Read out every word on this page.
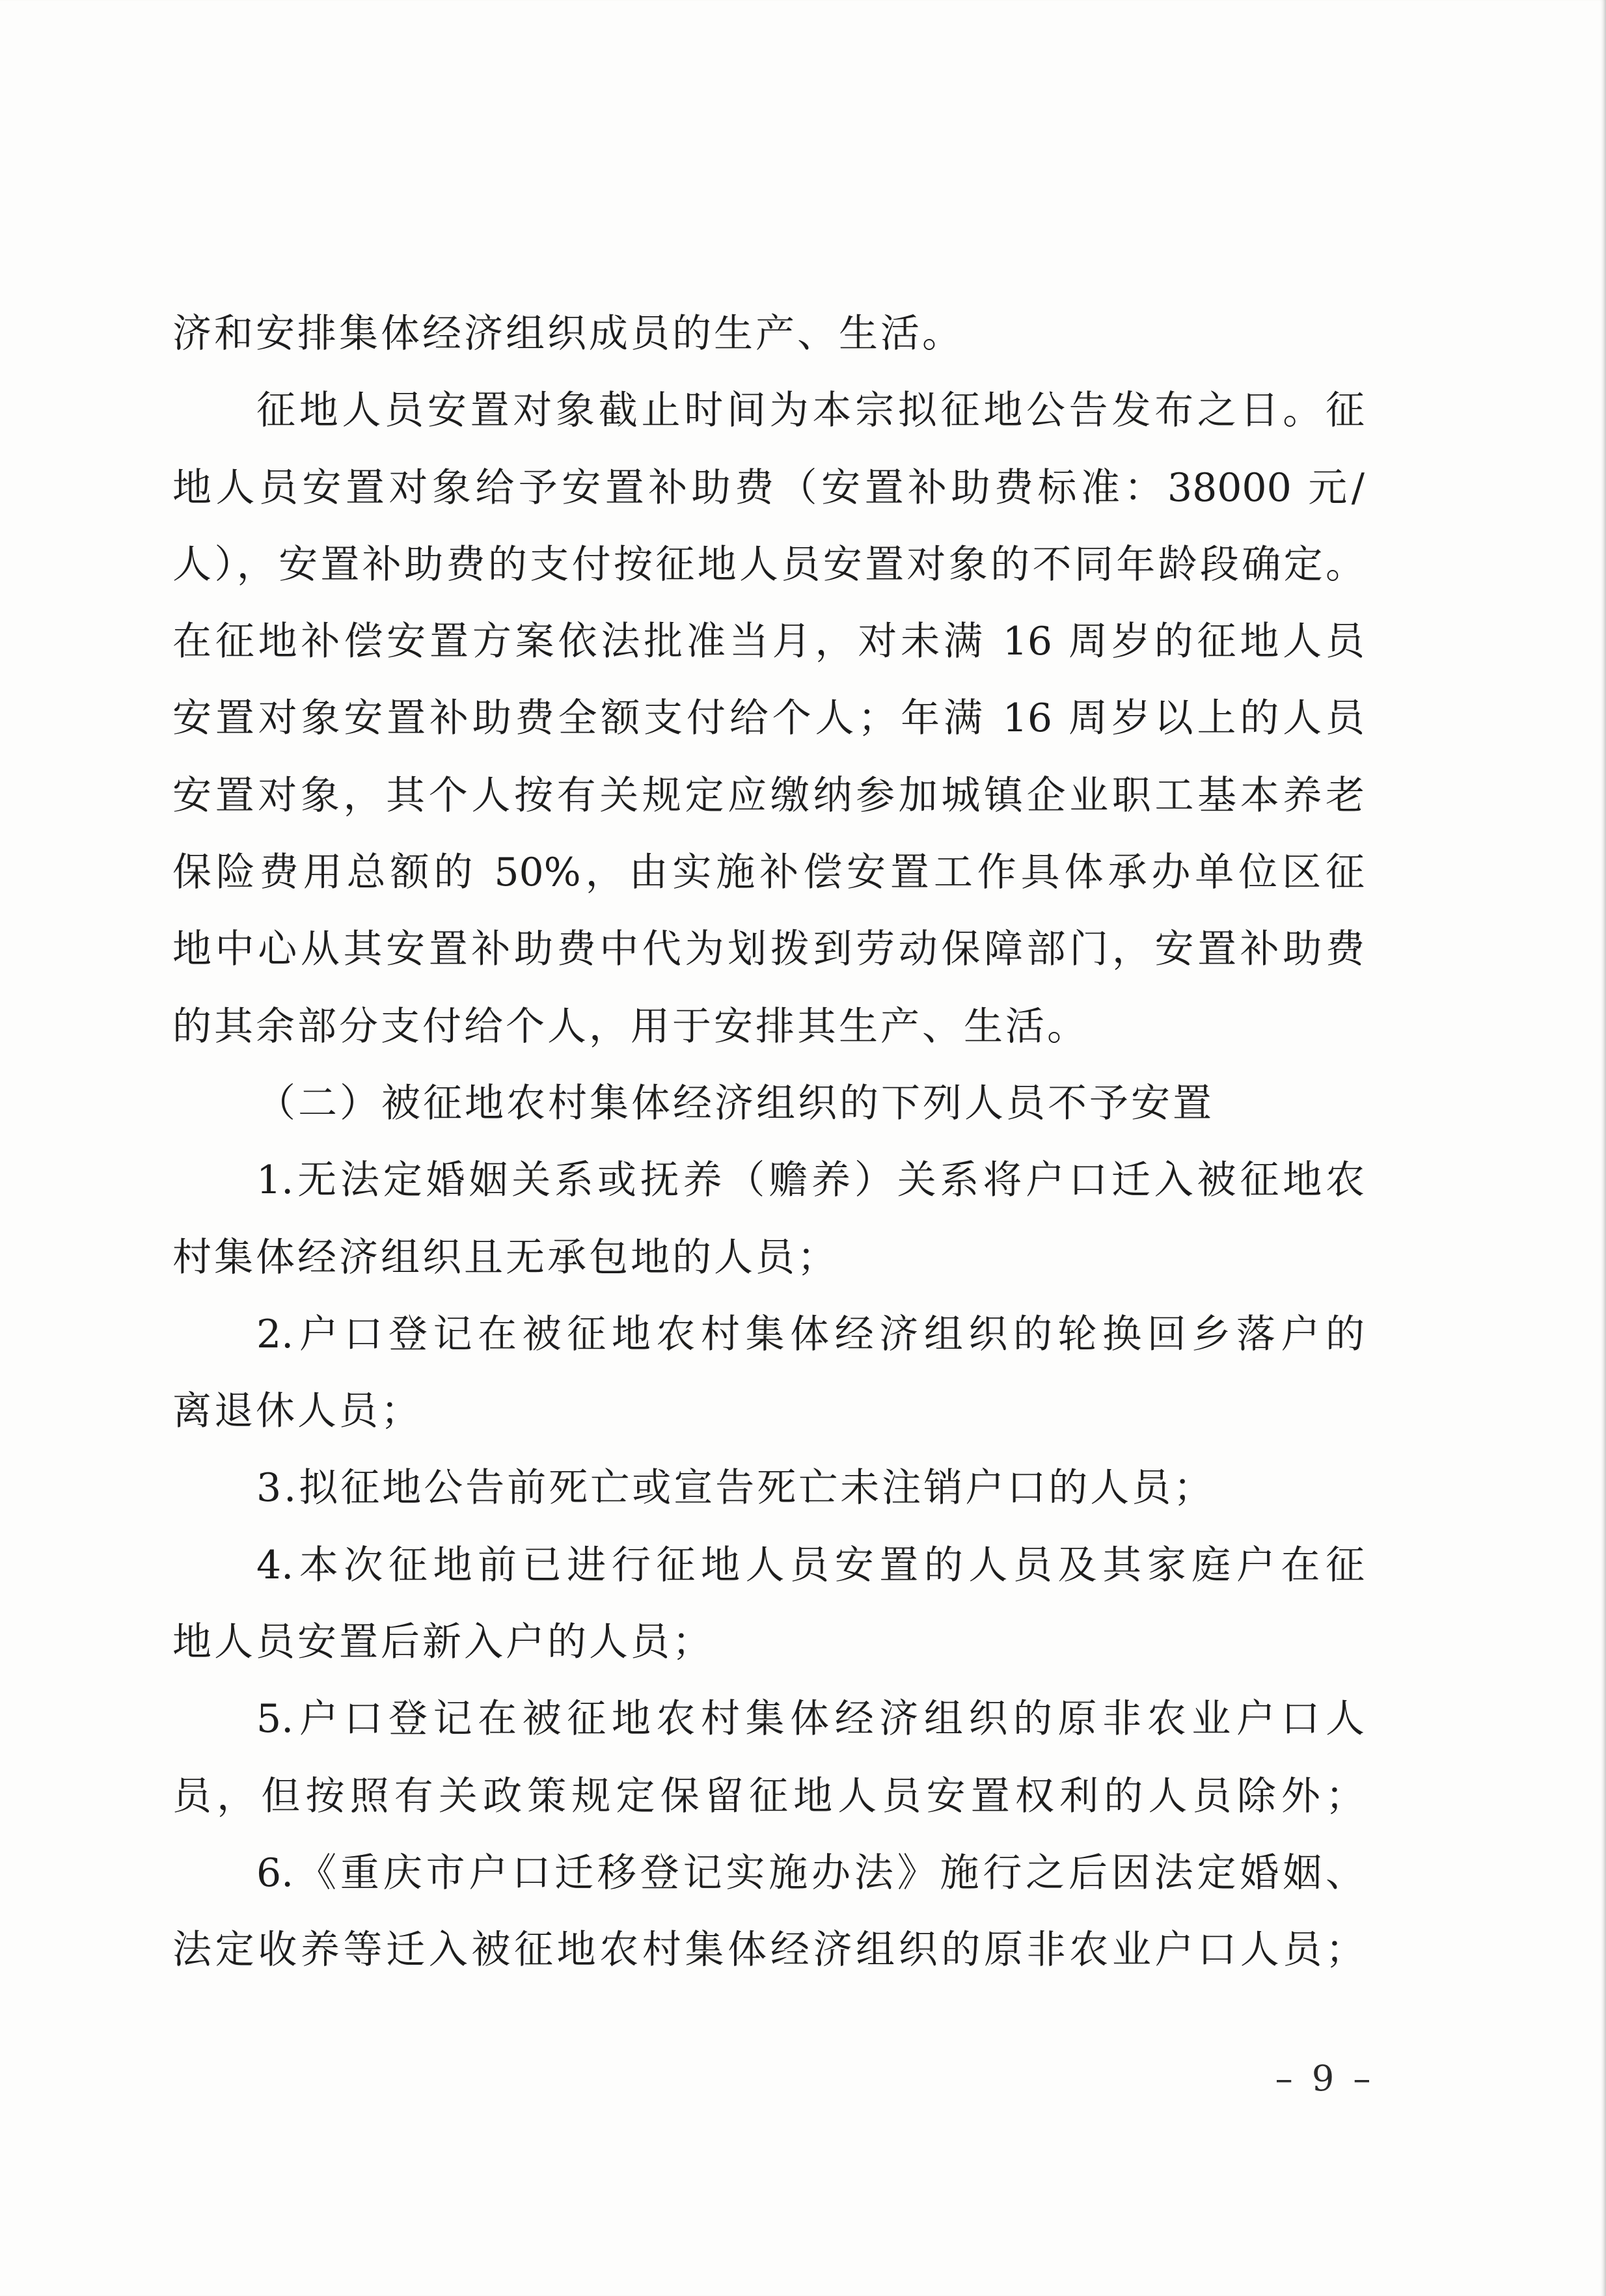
济和安排集体经济组织成员的生产、生活。
征地人员安置对象截止时间为本宗拟征地公告发布之日。征
地人员安置对象给予安置补助费（安置补助费标准：38000 元/
人），安置补助费的支付按征地人员安置对象的不同年龄段确定。
在征地补偿安置方案依法批准当月，对未满 16 周岁的征地人员
安置对象安置补助费全额支付给个人；年满 16 周岁以上的人员
安置对象，其个人按有关规定应缴纳参加城镇企业职工基本养老
保险费用总额的 50%，由实施补偿安置工作具体承办单位区征
地中心从其安置补助费中代为划拨到劳动保障部门，安置补助费
的其余部分支付给个人，用于安排其生产、生活。
（二）被征地农村集体经济组织的下列人员不予安置
1.无法定婚姻关系或抚养（赡养）关系将户口迁入被征地农
村集体经济组织且无承包地的人员；
2.户口登记在被征地农村集体经济组织的轮换回乡落户的
离退休人员；
3.拟征地公告前死亡或宣告死亡未注销户口的人员；
4.本次征地前已进行征地人员安置的人员及其家庭户在征
地人员安置后新入户的人员；
5.户口登记在被征地农村集体经济组织的原非农业户口人
员，但按照有关政策规定保留征地人员安置权利的人员除外；
6.《重庆市户口迁移登记实施办法》施行之后因法定婚姻、
法定收养等迁入被征地农村集体经济组织的原非农业户口人员；
– 9 –
